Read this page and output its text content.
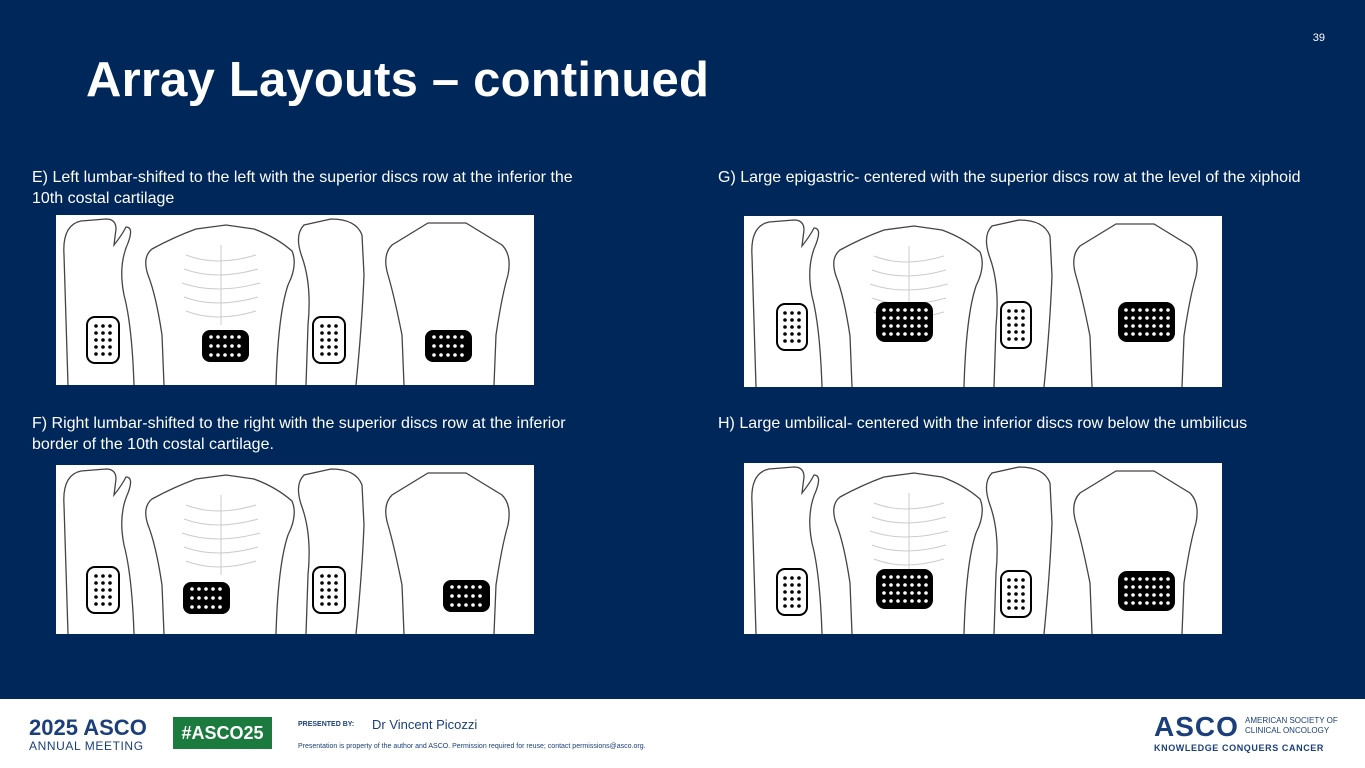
39
Array Layouts – continued
E) Left lumbar-shifted to the left with the superior discs row at the inferior the 10th costal cartilage
F) Right lumbar-shifted to the right with the superior discs row at the inferior border of the 10th costal cartilage.
G) Large epigastric- centered with the superior discs row at the level of the xiphoid
H) Large umbilical- centered with the inferior discs row below the umbilicus
2025 ASCO
ANNUAL MEETING
#ASCO25	PRESENTED BY: Dr Vincent Picozzi
Presentation is property of the author and ASCO. Permission required for reuse; contact permissions@asco.org.
ASCO AMERICAN SOCIETY OF CLINICAL ONCOLOGY
KNOWLEDGE CONQUERS CANCER
